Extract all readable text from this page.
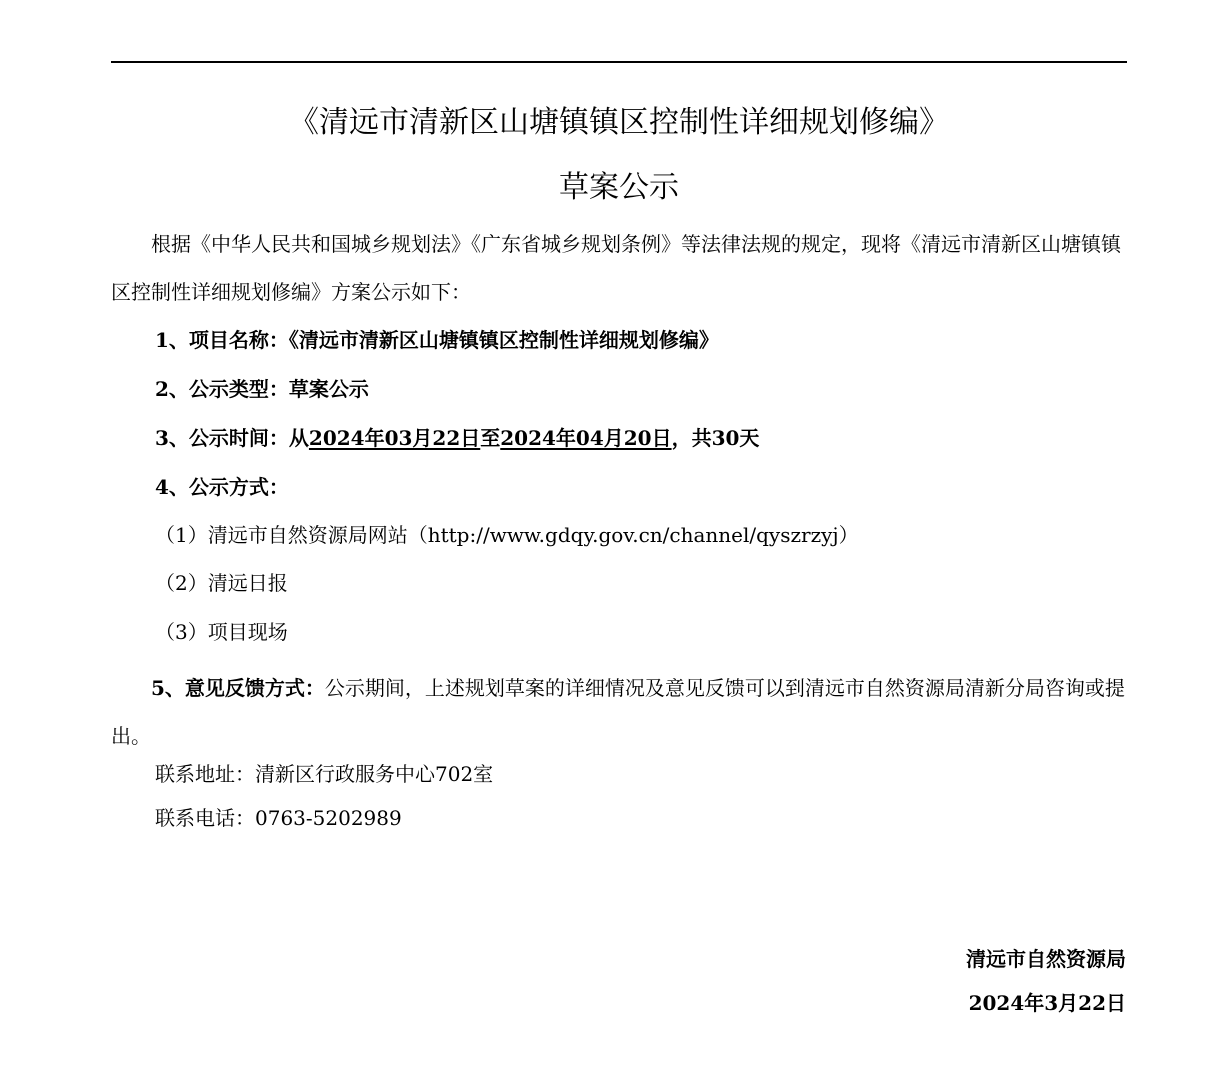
《清远市清新区山塘镇镇区控制性详细规划修编》
草案公示
根据《中华人民共和国城乡规划法》《广东省城乡规划条例》等法律法规的规定，现将《清远市清新区山塘镇镇区控制性详细规划修编》方案公示如下：
1、项目名称：《清远市清新区山塘镇镇区控制性详细规划修编》
2、公示类型：草案公示
3、公示时间：从2024年03月22日至2024年04月20日，共30天
4、公示方式：
（1）清远市自然资源局网站（http://www.gdqy.gov.cn/channel/qyszrzyj）
（2）清远日报
（3）项目现场
5、意见反馈方式：公示期间，上述规划草案的详细情况及意见反馈可以到清远市自然资源局清新分局咨询或提出。
联系地址：清新区行政服务中心702室
联系电话：0763-5202989
清远市自然资源局
2024年3月22日
